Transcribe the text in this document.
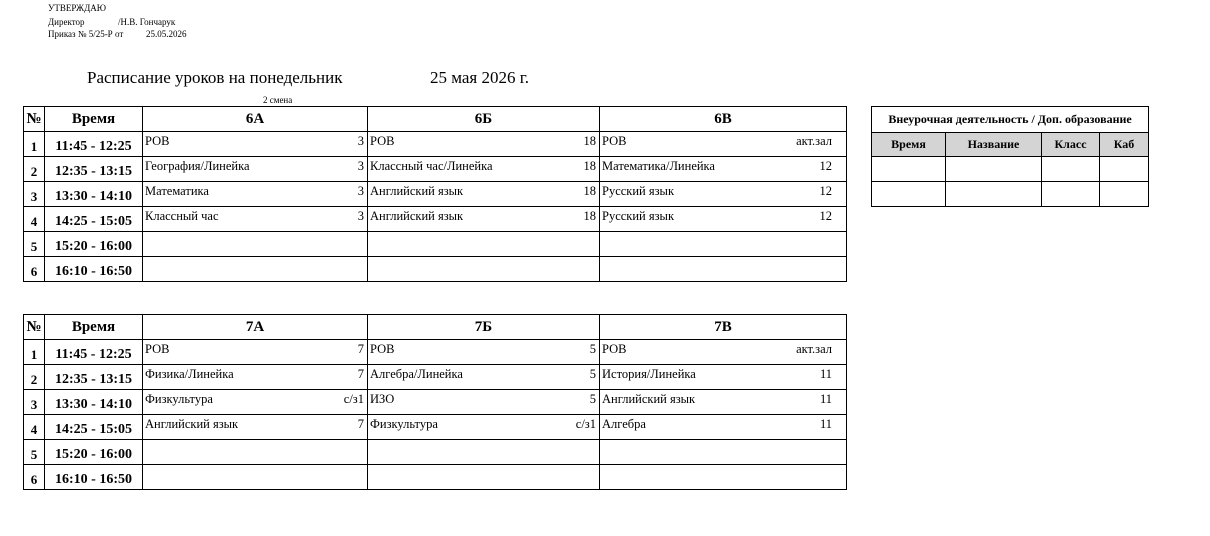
УТВЕРЖДАЮ
Директор	/Н.В. Гончарук
Приказ № 5/25-Р от	25.05.2026
Расписание уроков на понедельник	25 мая 2026 г.
2 смена
№	Время	6А	6Б	6В
1	11:45 - 12:25	РОВ 3	РОВ 18	РОВ акт.зал

2	12:35 - 13:15	География/Линейка 3	Классный час/Линейка 18	Математика/Линейка 12

3	13:30 - 14:10	Математика 3	Английский язык 18	Русский язык 12

4	14:25 - 15:05	Классный час 3	Английский язык 18	Русский язык 12

5	15:20 - 16:00	

6	16:10 - 16:50	

№	Время	7А	7Б	7В
1	11:45 - 12:25	РОВ 7	РОВ 5	РОВ акт.зал

2	12:35 - 13:15	Физика/Линейка 7	Алгебра/Линейка 5	История/Линейка 11

3	13:30 - 14:10	Физкультура с/з1	ИЗО 5	Английский язык 11

4	14:25 - 15:05	Английский язык 7	Физкультура с/з1	Алгебра 11

5	15:20 - 16:00	

6	16:10 - 16:50	

Внеурочная деятельность / Доп. образование			
Время	Название	Класс	Каб
